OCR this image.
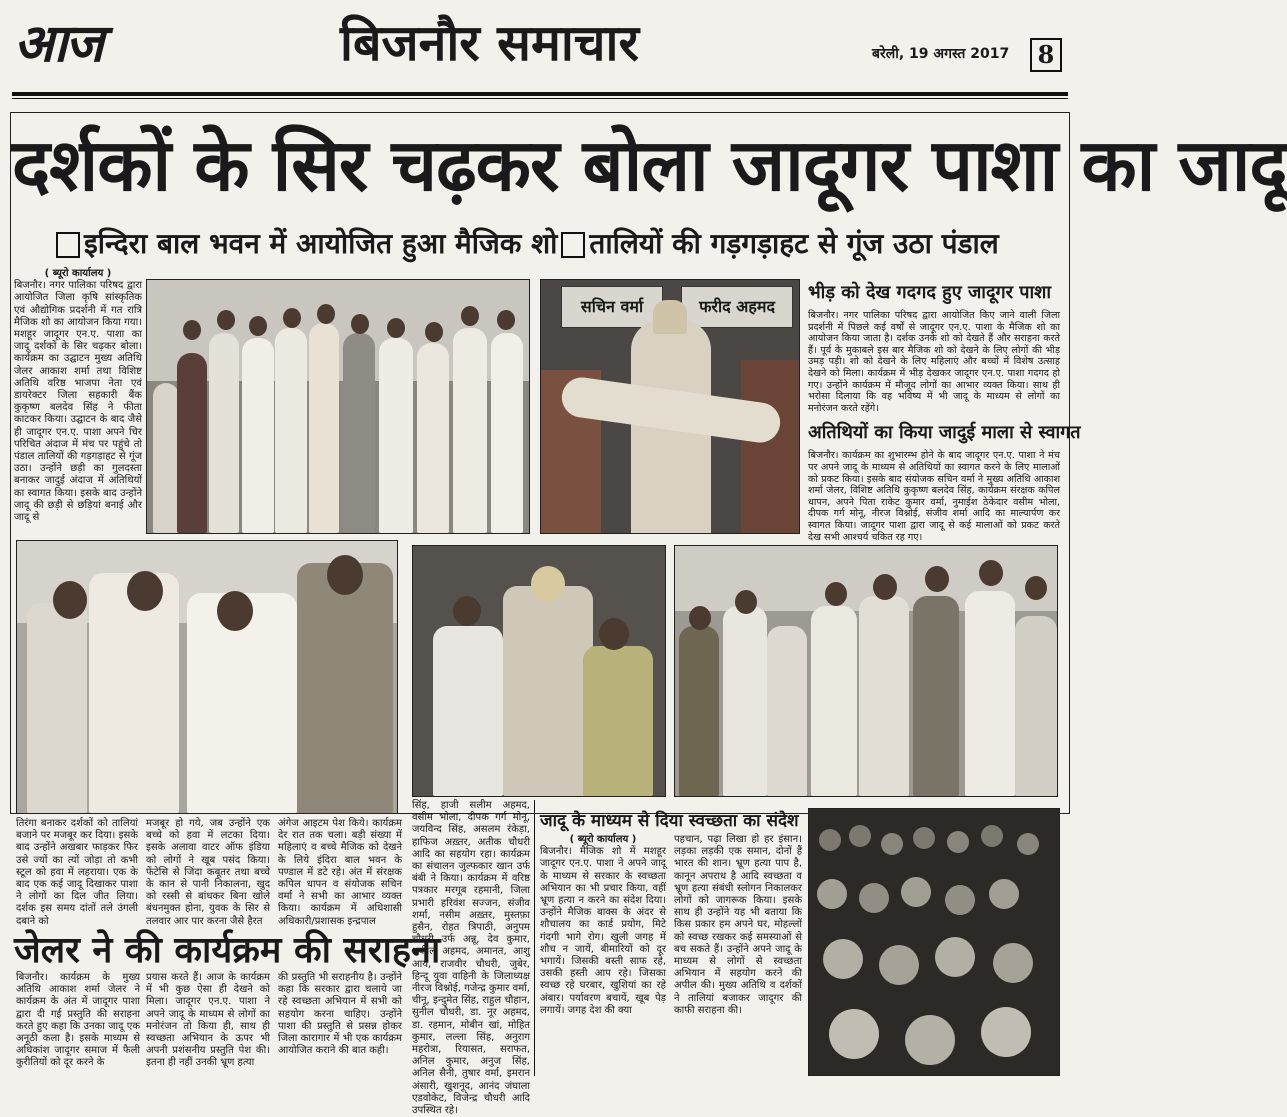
आज	बिजनौर समाचार	बरेली, 19 अगस्त 2017	8
दर्शकों के सिर चढ़कर बोला जादूगर पाशा का जादू
इन्दिरा बाल भवन में आयोजित हुआ मैजिक शो तालियों की गड़गड़ाहट से गूंज उठा पंडाल

( ब्यूरो कार्यालय )

बिजनौर। नगर पालिका परिषद द्वारा आयोजित जिला कृषि सांस्कृतिक एवं औद्योगिक प्रदर्शनी में गत रात्रि मैजिक शो का आयोजन किया गया। मशहूर जादूगर एन.ए. पाशा का जादू दर्शकों के सिर चढ़कर बोला। कार्यक्रम का उद्घाटन मुख्य अतिथि जेलर आकाश शर्मा तथा विशिष्ट अतिथि वरिष्ठ भाजपा नेता एवं डायरेक्टर जिला सहकारी बैंक कुकृष्ण बलदेव सिंह ने फीता काटकर किया। उद्घाटन के बाद जैसे ही जादूगर एन.ए. पाशा अपने चिर परिचित अंदाज में मंच पर पहुंचे तो पंडाल तालियों की गड़गड़ाहट से गूंज उठा। उन्होंने छड़ी का गुलदस्ता बनाकर जादुई अंदाज में अतिथियों का स्वागत किया। इसके बाद उन्होंने जादू की छड़ी से छड़ियां बनाई और जादू से

सचिन वर्मा	फरीद अहमद

भीड़ को देख गदगद हुए जादूगर पाशा

बिजनौर। नगर पालिका परिषद द्वारा आयोजित किए जाने वाली जिला प्रदर्शनी में पिछले कई वर्षों से जादूगर एन.ए. पाशा के मैजिक शो का आयोजन किया जाता है। दर्शक उनके शो को देखते हैं और सराहना करते हैं। पूर्व के मुकाबले इस बार मैजिक शो को देखने के लिए लोगों की भीड़ उमड़ पड़ी। शो को देखने के लिए महिलाएं और बच्चों में विशेष उत्साह देखने को मिला। कार्यक्रम में भीड़ देखकर जादूगर एन.ए. पाशा गदगद हो गए। उन्होंने कार्यक्रम में मौजूद लोगों का आभार व्यक्त किया। साथ ही भरोसा दिलाया कि वह भविष्य में भी जादू के माध्यम से लोगों का मनोरंजन करते रहेंगे।

अतिथियों का किया जादुई माला से स्वागत

बिजनौर। कार्यक्रम का शुभारम्भ होने के बाद जादूगर एन.ए. पाशा ने मंच पर अपने जादू के माध्यम से अतिथियों का स्वागत करने के लिए मालाओं को प्रकट किया। इसके बाद संयोजक सचिन वर्मा ने मुख्य अतिथि आकाश शर्मा जेलर, विशिष्ट अतिथि कुकृष्ण बलदेव सिंह, कार्यक्रम संरक्षक कपिल धापन, अपने पिता राकेट कुमार वर्मा, नुमाईश ठेकेदार वसीम भोला, दीपक गर्ग मोनू, नीरज विश्नोई, संजीव शर्मा आदि का माल्यार्पण कर स्वागत किया। जादूगर पाशा द्वारा जादू से कई मालाओं को प्रकट करते देख सभी आश्चर्य चकित रह गए।

तिरंगा बनाकर दर्शकों को तालियां बजाने पर मजबूर कर दिया। इसके बाद उन्होंने अखबार फाड़कर फिर उसे ज्यों का त्यों जोड़ा तो कभी स्टूल को हवा में लहराया। एक के बाद एक कई जादू दिखाकर पाशा ने लोगों का दिल जीत लिया। दर्शक इस समय दांतों तले उंगली दबाने को

मजबूर हो गये, जब उन्होंने एक बच्चे को हवा में लटका दिया। इसके अलावा वाटर ऑफ इंडिया को लोगों ने खूब पसंद किया। फेंटेसि से जिंदा कबूतर तथा बच्चे के कान से पानी निकालना, खुद को रस्सी से बांधकर बिना खोले बंधनमुक्त होना, युवक के सिर से तलवार आर पार करना जैसे हैरत

अंगेज आइटम पेश किये। कार्यक्रम देर रात तक चला। बड़ी संख्या में महिलाएं व बच्चे मैजिक को देखने के लिये इंदिरा बाल भवन के पण्डाल में डटे रहे। अंत में संरक्षक कपिल धापन व संयोजक सचिन वर्मा ने सभी का आभार व्यक्त किया। कार्यक्रम में अधिशासी अधिकारी/प्रशासक इन्द्रपाल

सिंह, हाजी सलीम अहमद, वसीम भोला, दीपक गर्ग मोनू, जयविन्द सिंह, असलम रंकेड़ा, हाफिज अख़्तर, अतीक चौधरी आदि का सहयोग रहा। कार्यक्रम का संचालन जुल्फकार खान उर्फ बंबी ने किया। कार्यक्रम में वरिष्ठ पत्रकार मरगूब रहमानी, जिला प्रभारी हरिवंश सज्जन, संजीव शर्मा, नसीम अख़्तर, मुस्तफ़ा हुसैन, रोहत त्रिपाठी, अनुपम चौधरी उर्फ अन्नू, देव कुमार, शकील अहमद, अमानत, आशु आर्य, राजवीर चौधरी, जुबेर, हिन्दू युवा वाहिनी के जिलाध्यक्ष नीरज विश्नोई, गजेन्द्र कुमार वर्मा, चीनू, इन्दुमेत सिंह, राहुल चौहान, सुनील चौधरी, डा. नूर अहमद, डा. रहमान, मोबीन खां, मोहित कुमार, लल्ला सिंह, अनुराग महरोत्रा, रियासत, सराफत, अनिल कुमार, अनुज सिंह, अनिल सैनी, तुषार वर्मा, इमरान अंसारी, खुशनूद, आनंद जंघाला एडवोकेट, विजेन्द्र चौधरी आदि उपस्थित रहे।

जेलर ने की कार्यक्रम की सराहना

बिजनौर। कार्यक्रम के मुख्य अतिथि आकाश शर्मा जेलर ने कार्यक्रम के अंत में जादूगर पाशा द्वारा दी गई प्रस्तुति की सराहना करते हुए कहा कि उनका जादू एक अनूठी कला है। इसके माध्यम से अधिकांश जादूगर समाज में फैली कुरीतियों को दूर करने के

प्रयास करते हैं। आज के कार्यक्रम में भी कुछ ऐसा ही देखने को मिला। जादूगर एन.ए. पाशा ने अपने जादू के माध्यम से लोगों का मनोरंजन तो किया ही, साथ ही स्वच्छता अभियान के ऊपर भी अपनी प्रशंसनीय प्रस्तुति पेश की। इतना ही नहीं उनकी भ्रूण हत्या

की प्रस्तुति भी सराहनीय है। उन्होंने कहा कि सरकार द्वारा चलाये जा रहे स्वच्छता अभियान में सभी को सहयोग करना चाहिए। उन्होंने पाशा की प्रस्तुति से प्रसन्न होकर जिला कारागार में भी एक कार्यक्रम आयोजित कराने की बात कही।

जादू के माध्यम से दिया स्वच्छता का संदेश

( ब्यूरो कार्यालय )

बिजनौर। मैजिक शो में मशहूर जादूगर एन.ए. पाशा ने अपने जादू के माध्यम से सरकार के स्वच्छता अभियान का भी प्रचार किया, वहीं भ्रूण हत्या न करने का संदेश दिया। उन्होंने मैजिक बाक्स के अंदर से शौचालय का कार्ड प्रयोग, मिटे गंदगी भागे रोग। खुली जगह में शौच न जायें, बीमारियों को दूर भगायें। जिसकी बस्ती साफ रहे, उसकी हस्ती आप रहे। जिसका स्वच्छ रहे घरबार, खुशियां का रहे अंबार। पर्यावरण बचायें, खूब पेड़ लगायें। जगह देश की क्या

पहचान, पढ़ा लिखा हो हर इंसान। लड़का लड़की एक समान, दोनों हैं भारत की शान। भ्रूण हत्या पाप है, कानून अपराध है आदि स्वच्छता व भ्रूण हत्या संबंधी स्लोगन निकालकर लोगों को जागरूक किया। इसके साथ ही उन्होंने यह भी बताया कि किस प्रकार हम अपने घर, मोहल्लों को स्वच्छ रखकर कई समस्याओं से बच सकते हैं। उन्होंने अपने जादू के माध्यम से लोगों से स्वच्छता अभियान में सहयोग करने की अपील की। मुख्य अतिथि व दर्शकों ने तालियां बजाकर जादूगर की काफी सराहना की।
